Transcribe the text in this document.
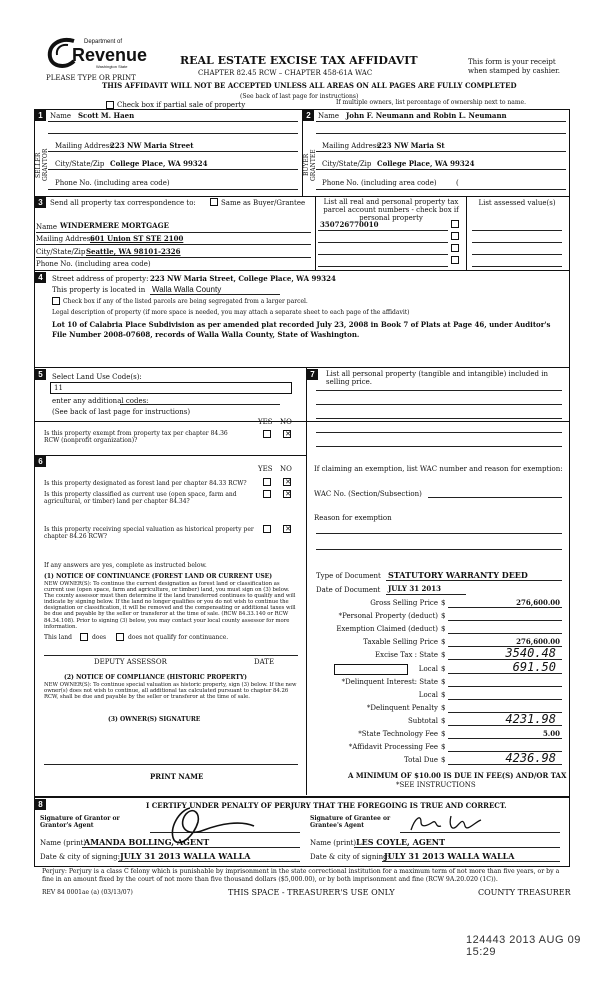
Department of
Revenue
Washington State	REAL ESTATE EXCISE TAX AFFIDAVIT
CHAPTER 82.45 RCW – CHAPTER 458-61A WAC
This form is your receipt
when stamped by cashier.
PLEASE TYPE OR PRINT
THIS AFFIDAVIT WILL NOT BE ACCEPTED UNLESS ALL AREAS ON ALL PAGES ARE FULLY COMPLETED
(See back of last page for instructions)
Check box if partial sale of property	If multiple owners, list percentage of ownership next to name.
1
SELLER GRANTOR
Name Scott M. Haen
Mailing Address
223 NW Maria Street
City/State/Zip College Place, WA 99324
Phone No. (including area code)
2
BUYER GRANTEE
Name John F. Neumann and Robin L. Neumann
Mailing Address
223 NW Maria St
City/State/Zip College Place, WA 99324
Phone No. (including area code)	(
3	Send all property tax correspondence to:	Same as Buyer/Grantee
Name WINDERMERE MORTGAGE
Mailing Address
601 Union ST STE 2100
City/State/Zip Seattle, WA 98101-2326
Phone No. (including area code)
List all real and personal property tax parcel account numbers - check box if personal property
List assessed value(s)
350726770010
4	Street address of property: 223 NW Maria Street, College Place, WA 99324
This property is located in Walla Walla County
Check box if any of the listed parcels are being segregated from a larger parcel.
Legal description of property (if more space is needed, you may attach a separate sheet to each page of the affidavit)
Lot 10 of Calabria Place Subdivision as per amended plat recorded July 23, 2008 in Book 7 of Plats at Page 46, under Auditor's File Number 2008-07608, records of Walla Walla County, State of Washington.
5	Select Land Use Code(s):
11
enter any additional codes:
(See back of last page for instructions)
YES NO
Is this property exempt from property tax per chapter 84.36 RCW (nonprofit organization)?
✕
6
YES NO
Is this property designated as forest land per chapter 84.33 RCW?
✕
Is this property classified as current use (open space, farm and agricultural, or timber) land per chapter 84.34?
✕
Is this property receiving special valuation as historical property per chapter 84.26 RCW?
✕
If any answers are yes, complete as instructed below.
(1) NOTICE OF CONTINUANCE (FOREST LAND OR CURRENT USE)
NEW OWNER(S): To continue the current designation as forest land or classification as current use (open space, farm and agriculture, or timber) land, you must sign on (3) below. The county assessor must then determine if the land transferred continues to qualify and will indicate by signing below. If the land no longer qualifies or you do not wish to continue the designation or classification, it will be removed and the compensating or additional taxes will be due and payable by the seller or transferor at the time of sale. (RCW 84.33.140 or RCW 84.34.108). Prior to signing (3) below, you may contact your local county assessor for more information.
This land	does	does not qualify for continuance.
DEPUTY ASSESSOR	DATE
(2) NOTICE OF COMPLIANCE (HISTORIC PROPERTY)
NEW OWNER(S): To continue special valuation as historic property, sign (3) below. If the new owner(s) does not wish to continue, all additional tax calculated pursuant to chapter 84.26 RCW, shall be due and payable by the seller or transferor at the time of sale.
(3) OWNER(S) SIGNATURE
PRINT NAME
7	List all personal property (tangible and intangible) included in selling price.
If claiming an exemption, list WAC number and reason for exemption:
WAC No. (Section/Subsection)
Reason for exemption
Type of Document STATUTORY WARRANTY DEED
Date of Document JULY 31 2013
Gross Selling Price $	276,600.00
*Personal Property (deduct) $
Exemption Claimed (deduct) $
Taxable Selling Price $	276,600.00
Excise Tax : State $	3540.48
Local $	691.50
*Delinquent Interest: State $
Local $
*Delinquent Penalty $
Subtotal $	4231.98
*State Technology Fee $	5.00
*Affidavit Processing Fee $
Total Due $	4236.98
A MINIMUM OF $10.00 IS DUE IN FEE(S) AND/OR TAX
*SEE INSTRUCTIONS
8	I CERTIFY UNDER PENALTY OF PERJURY THAT THE FOREGOING IS TRUE AND CORRECT.
Signature of Grantor or Grantor's Agent
Signature of Grantee or Grantee's Agent
Name (print)
AMANDA BOLLING, AGENT	Name (print) LES COYLE, AGENT
Date & city of signing: JULY 31 2013 WALLA WALLA	Date & city of signing:
JULY 31 2013 WALLA WALLA
Perjury: Perjury is a class C felony which is punishable by imprisonment in the state correctional institution for a maximum term of not more than five years, or by a fine in an amount fixed by the court of not more than five thousand dollars ($5,000.00), or by both imprisonment and fine (RCW 9A.20.020 (1C)).
REV 84 0001ae (a) (03/13/07)	THIS SPACE - TREASURER'S USE ONLY	COUNTY TREASURER
124443 2013 AUG 09 15:29
